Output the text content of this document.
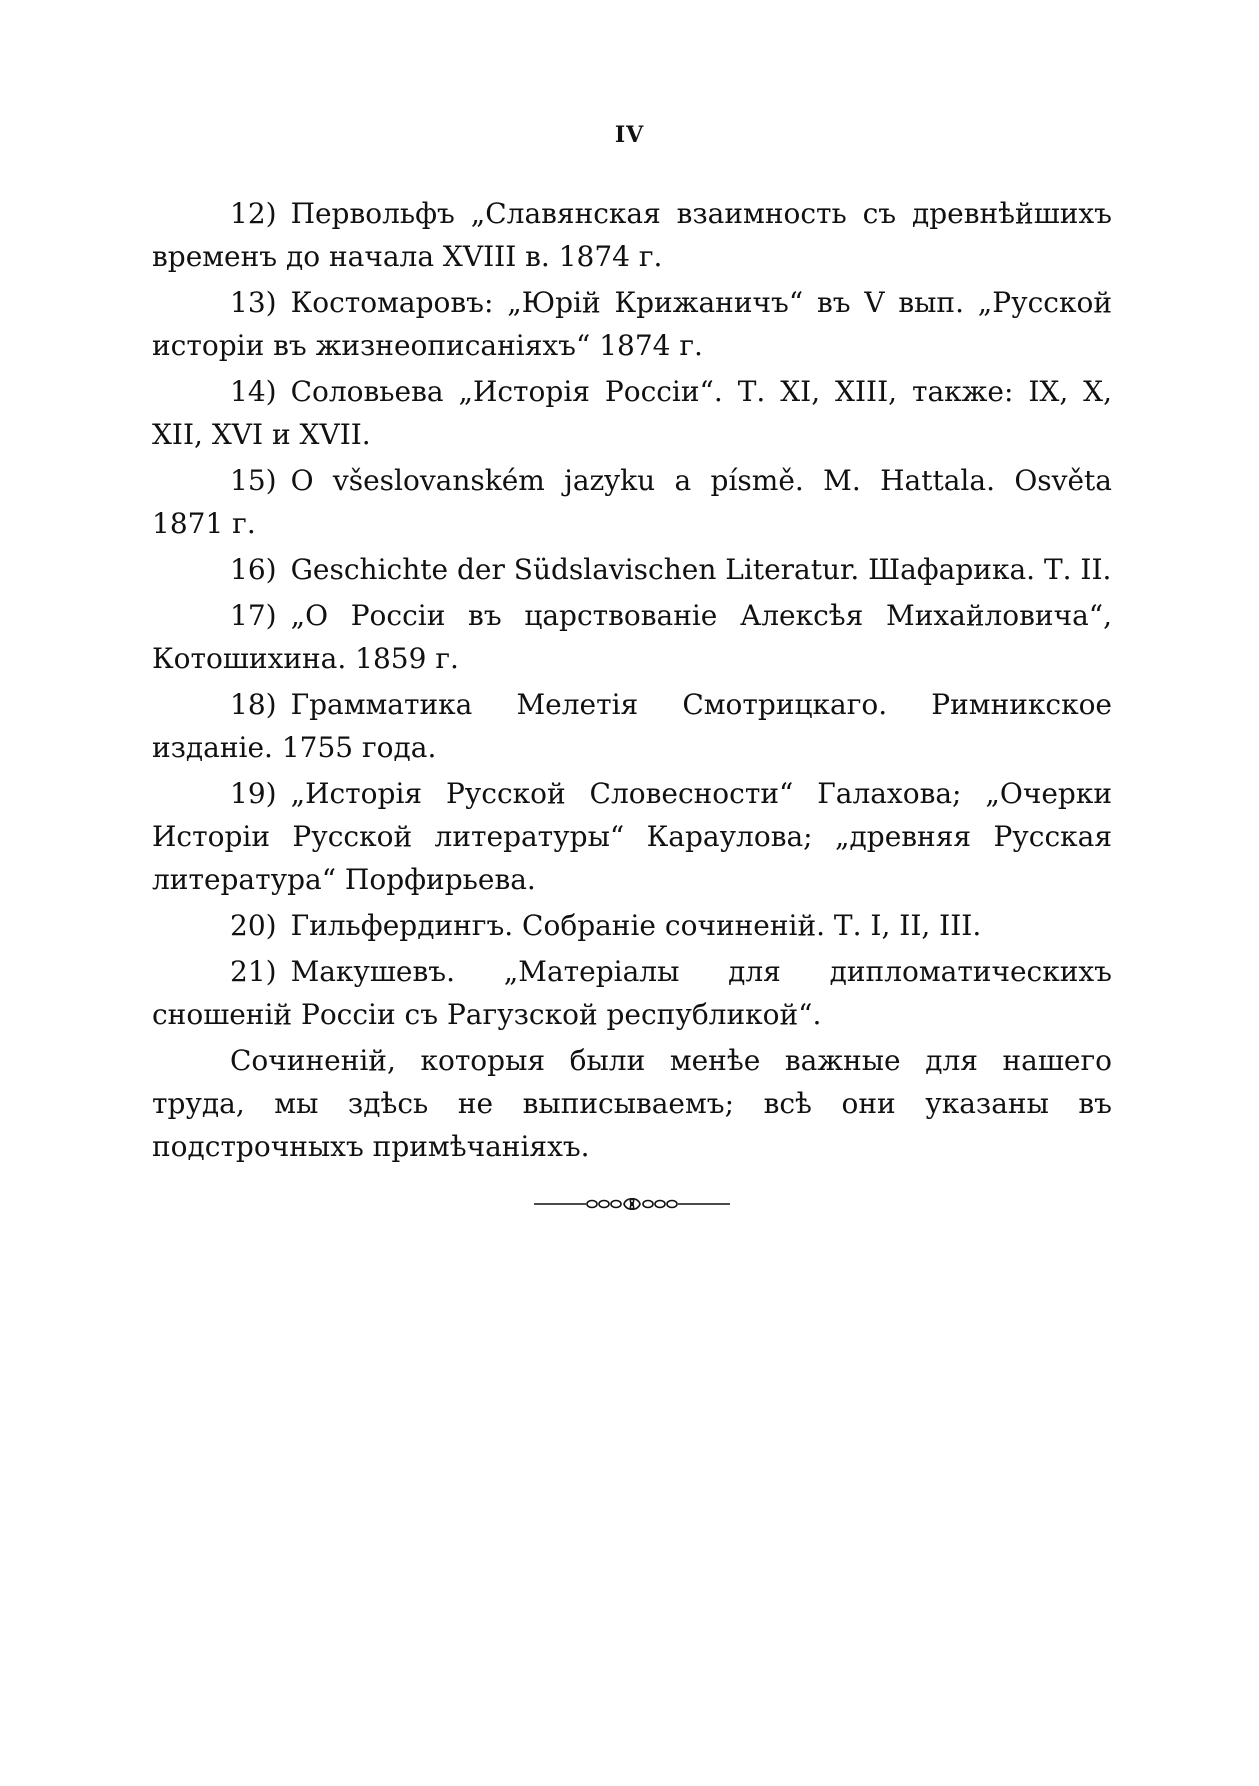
IV

12) Первольфъ „Славянская взаимность съ древнѣйшихъ временъ до начала XVIII в. 1874 г.

13) Костомаровъ: „Юрій Крижаничъ“ въ V вып. „Русской исторіи въ жизнеописаніяхъ“ 1874 г.

14) Соловьева „Исторія Россіи“. Т. XI, XIII, также: IX, X, XII, XVI и XVII.

15) O všeslovanském jazyku a písmě. M. Hattala. Osvěta 1871 г.

16) Geschichte der Südslavischen Literatur. Шафарика. Т. II.

17) „О Россіи въ царствованіе Алексѣя Михайловича“, Котошихина. 1859 г.

18) Грамматика Мелетія Смотрицкаго. Римникское изданіе. 1755 года.

19) „Исторія Русской Словесности“ Галахова; „Очерки Исторіи Русской литературы“ Караулова; „древняя Русская литература“ Порфирьева.

20) Гильфердингъ. Собраніе сочиненій. Т. I, II, III.

21) Макушевъ. „Матеріалы для дипломатическихъ сношеній Россіи съ Рагузской республикой“.

Сочиненій, которыя были менѣе важные для нашего труда, мы здѣсь не выписываемъ; всѣ они указаны въ подстрочныхъ примѣчаніяхъ.
